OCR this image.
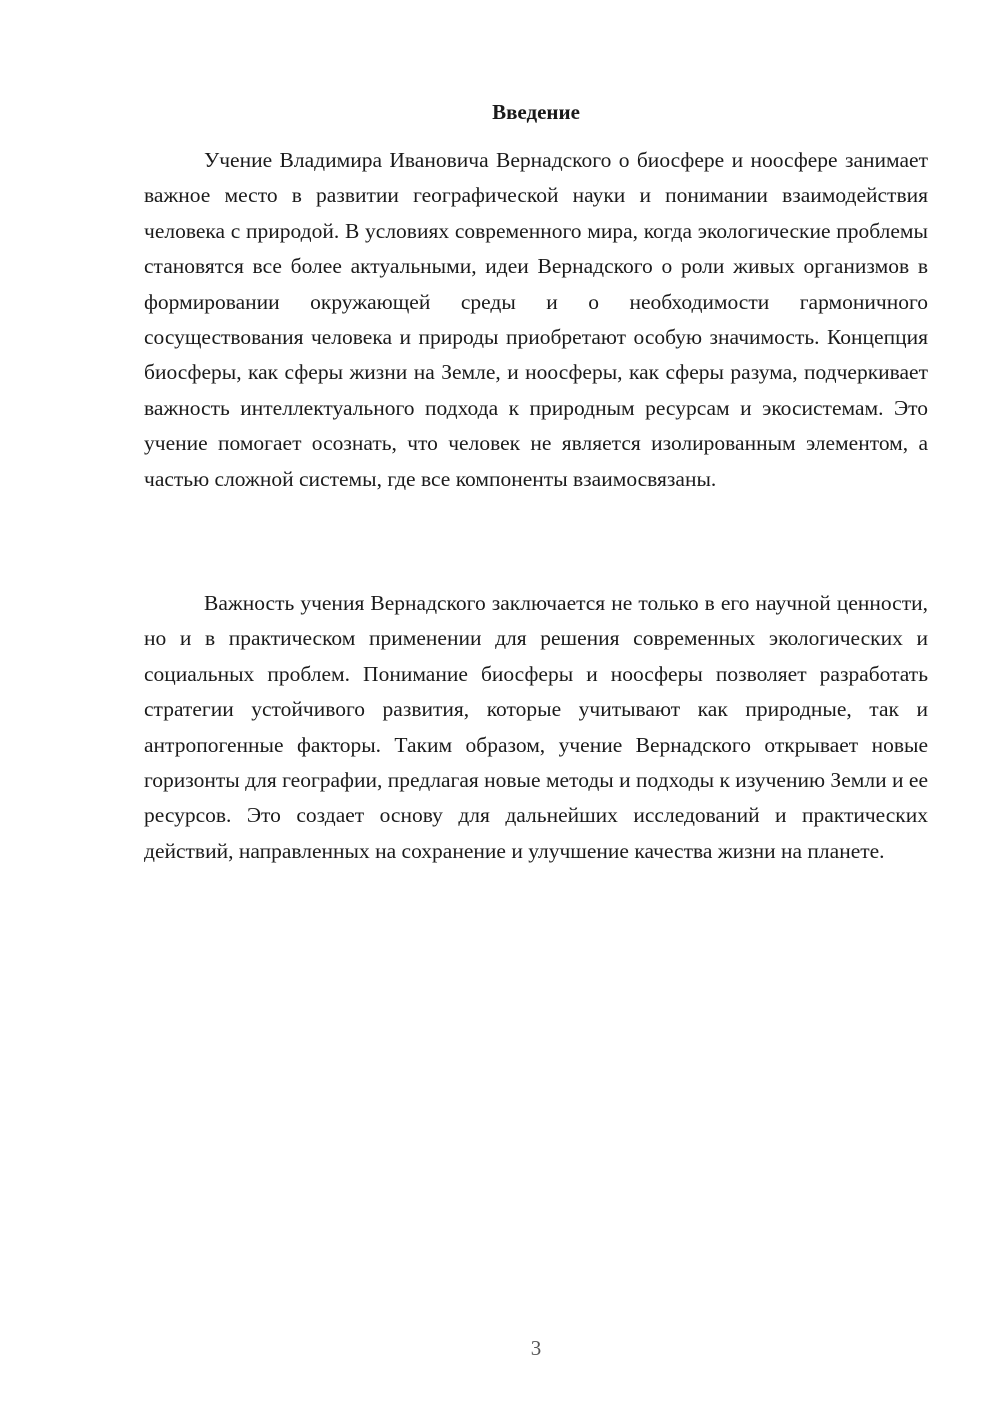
Введение

Учение Владимира Ивановича Вернадского о биосфере и ноосфере занимает важное место в развитии географической науки и понимании взаимодействия человека с природой. В условиях современного мира, когда экологические проблемы становятся все более актуальными, идеи Вернадского о роли живых организмов в формировании окружающей среды и о необходимости гармоничного сосуществования человека и природы приобретают особую значимость. Концепция биосферы, как сферы жизни на Земле, и ноосферы, как сферы разума, подчеркивает важность интеллектуального подхода к природным ресурсам и экосистемам. Это учение помогает осознать, что человек не является изолированным элементом, а частью сложной системы, где все компоненты взаимосвязаны.

Важность учения Вернадского заключается не только в его научной ценности, но и в практическом применении для решения современных экологических и социальных проблем. Понимание биосферы и ноосферы позволяет разработать стратегии устойчивого развития, которые учитывают как природные, так и антропогенные факторы. Таким образом, учение Вернадского открывает новые горизонты для географии, предлагая новые методы и подходы к изучению Земли и ее ресурсов. Это создает основу для дальнейших исследований и практических действий, направленных на сохранение и улучшение качества жизни на планете.

3
